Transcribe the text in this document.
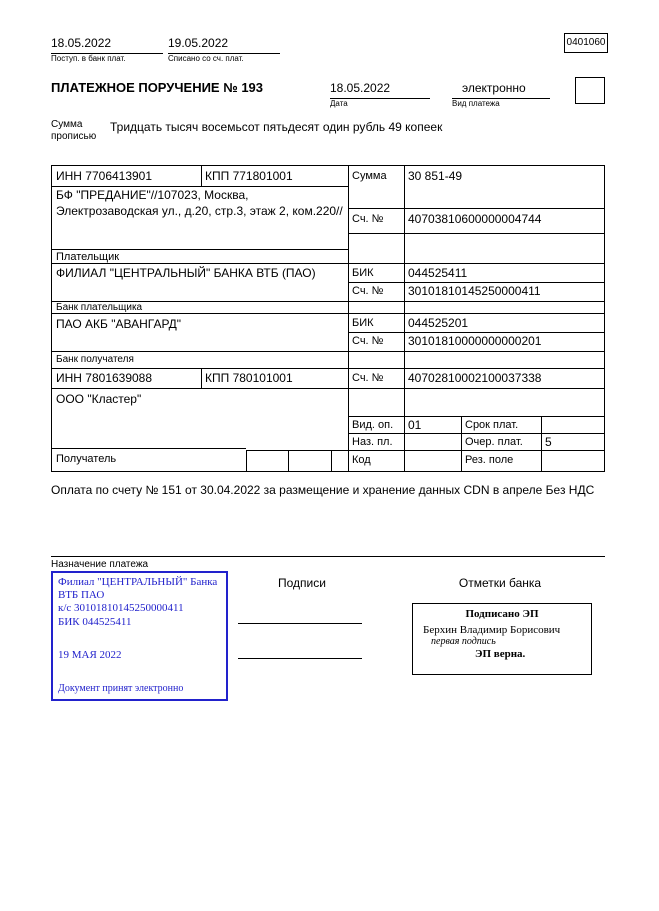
18.05.2022
Поступ. в банк плат.
19.05.2022
Списано со сч. плат.
0401060
ПЛАТЕЖНОЕ ПОРУЧЕНИЕ № 193	18.05.2022
Дата
электронно
Вид платежа
Сумма прописью
Тридцать тысяч восемьсот пятьдесят один рубль 49 копеек
ИНН 7706413901	КПП 771801001	Сумма 30 851-49
БФ "ПРЕДАНИЕ"//107023, Москва, Электрозаводская ул., д.20, стр.3, этаж 2, ком.220//
Сч. № 40703810600000004744
Плательщик
ФИЛИАЛ "ЦЕНТРАЛЬНЫЙ" БАНКА ВТБ (ПАО)	БИК	044525411
Сч. № 30101810145250000411
Банк плательщика
ПАО АКБ "АВАНГАРД"	БИК	044525201
Сч. № 30101810000000000201
Банк получателя
ИНН 7801639088	КПП 780101001	Сч. № 40702810002100037338
ООО "Кластер"
Получатель
Вид. оп. 01	Срок плат.
Наз. пл.	Очер. плат. 5
Код	Рез. поле
Оплата по счету № 151 от 30.04.2022 за размещение и хранение данных CDN в апреле Без НДС
Назначение платежа
Филиал "ЦЕНТРАЛЬНЫЙ" Банка
ВТБ ПАО
к/с 30101810145250000411
БИК 044525411
19 МАЯ 2022
Документ принят электронно
Подписи	Отметки банка
Подписано ЭП
Берхин Владимир Борисович
первая подпись
ЭП верна.
